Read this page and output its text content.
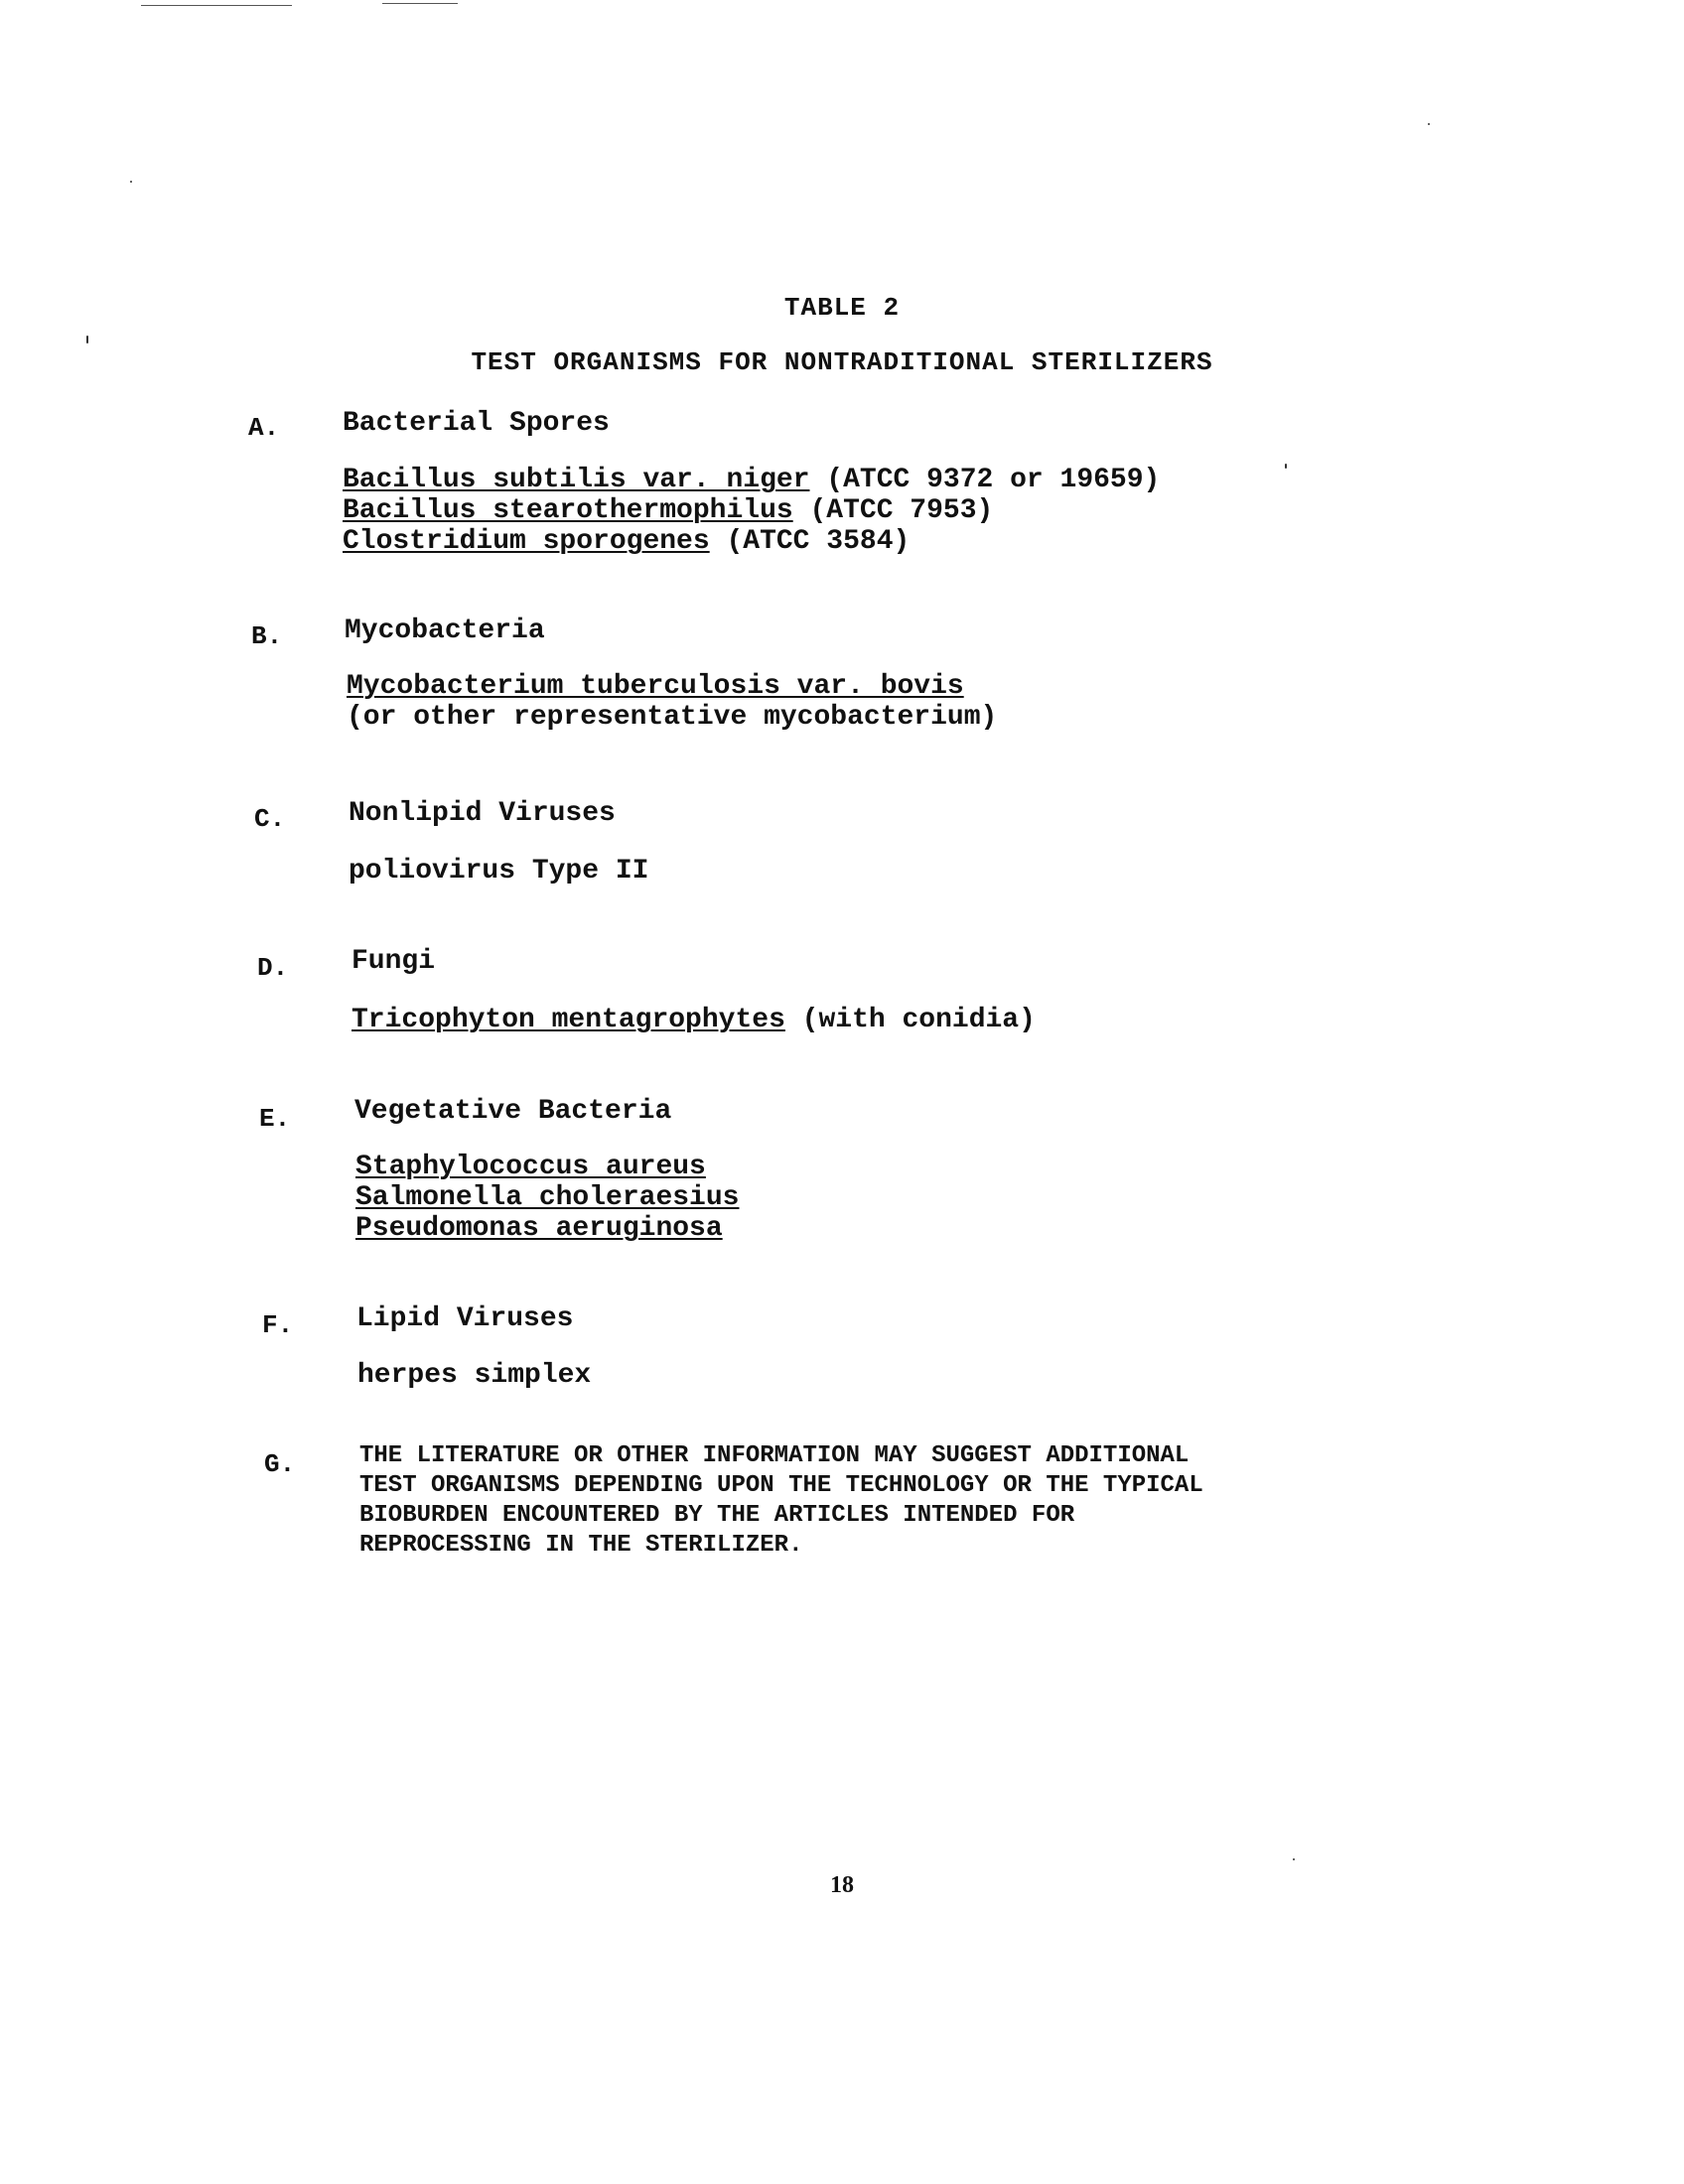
TABLE 2
TEST ORGANISMS FOR NONTRADITIONAL STERILIZERS
A. Bacterial Spores
Bacillus subtilis var. niger (ATCC 9372 or 19659)
Bacillus stearothermophilus (ATCC 7953)
Clostridium sporogenes (ATCC 3584)
B. Mycobacteria
Mycobacterium tuberculosis var. bovis
(or other representative mycobacterium)
C. Nonlipid Viruses
poliovirus Type II
D. Fungi
Tricophyton mentagrophytes (with conidia)
E. Vegetative Bacteria
Staphylococcus aureus
Salmonella choleraesius
Pseudomonas aeruginosa
F. Lipid Viruses
herpes simplex
G.	THE LITERATURE OR OTHER INFORMATION MAY SUGGEST ADDITIONAL
TEST ORGANISMS DEPENDING UPON THE TECHNOLOGY OR THE TYPICAL
BIOBURDEN ENCOUNTERED BY THE ARTICLES INTENDED FOR
REPROCESSING IN THE STERILIZER.
18
